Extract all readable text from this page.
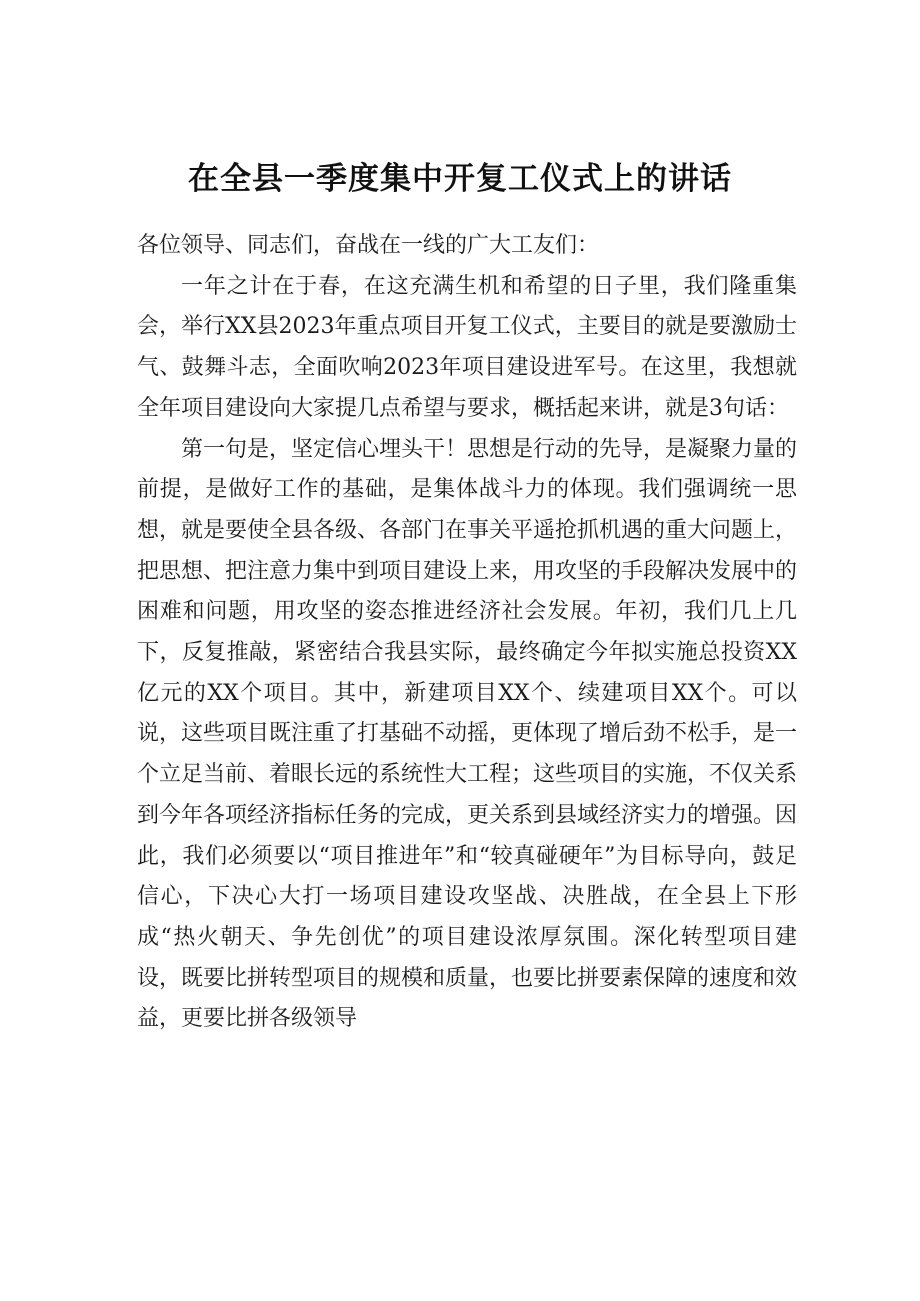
在全县一季度集中开复工仪式上的讲话

各位领导、同志们，奋战在一线的广大工友们：

一年之计在于春，在这充满生机和希望的日子里，我们隆重集会，举行XX县2023年重点项目开复工仪式，主要目的就是要激励士气、鼓舞斗志，全面吹响2023年项目建设进军号。在这里，我想就全年项目建设向大家提几点希望与要求，概括起来讲，就是3句话：

第一句是，坚定信心埋头干！思想是行动的先导，是凝聚力量的前提，是做好工作的基础，是集体战斗力的体现。我们强调统一思想，就是要使全县各级、各部门在事关平遥抢抓机遇的重大问题上，把思想、把注意力集中到项目建设上来，用攻坚的手段解决发展中的困难和问题，用攻坚的姿态推进经济社会发展。年初，我们几上几下，反复推敲，紧密结合我县实际，最终确定今年拟实施总投资XX亿元的XX个项目。其中，新建项目XX个、续建项目XX个。可以说，这些项目既注重了打基础不动摇，更体现了增后劲不松手，是一个立足当前、着眼长远的系统性大工程；这些项目的实施，不仅关系到今年各项经济指标任务的完成，更关系到县域经济实力的增强。因此，我们必须要以“项目推进年”和“较真碰硬年”为目标导向，鼓足信心，下决心大打一场项目建设攻坚战、决胜战，在全县上下形成“热火朝天、争先创优”的项目建设浓厚氛围。深化转型项目建设，既要比拼转型项目的规模和质量，也要比拼要素保障的速度和效益，更要比拼各级领导
